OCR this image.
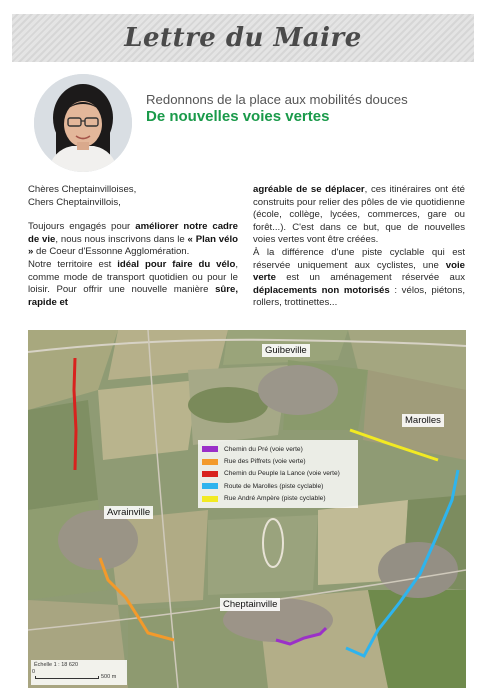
Lettre du Maire
Redonnons de la place aux mobilités douces
De nouvelles voies vertes

Chères Cheptainvilloises,

Chers Cheptainvillois,

Toujours engagés pour améliorer notre cadre de vie, nous nous inscrivons dans le « Plan vélo » de Coeur d'Essonne Agglomération.

Notre territoire est idéal pour faire du vélo, comme mode de transport quotidien ou pour le loisir. Pour offrir une nouvelle manière sûre, rapide et

agréable de se déplacer, ces itinéraires ont été construits pour relier des pôles de vie quotidienne (école, collège, lycées, commerces, gare ou forêt...). C'est dans ce but, que de nouvelles voies vertes vont être créées.

À la différence d'une piste cyclable qui est réservée uniquement aux cyclistes, une voie verte est un aménagement réservée aux déplacements non motorisés : vélos, piétons, rollers, trottinettes...

Chemin du Pré (voie verte)
Rue des Piffrets (voie verte)
Chemin du Peuple la Lance (voie verte)
Route de Marolles (piste cyclable)
Rue André Ampère (piste cyclable)
Guibeville
Marolles
Avrainville
Cheptainville
Échelle 1 : 18 620
0
500 m
